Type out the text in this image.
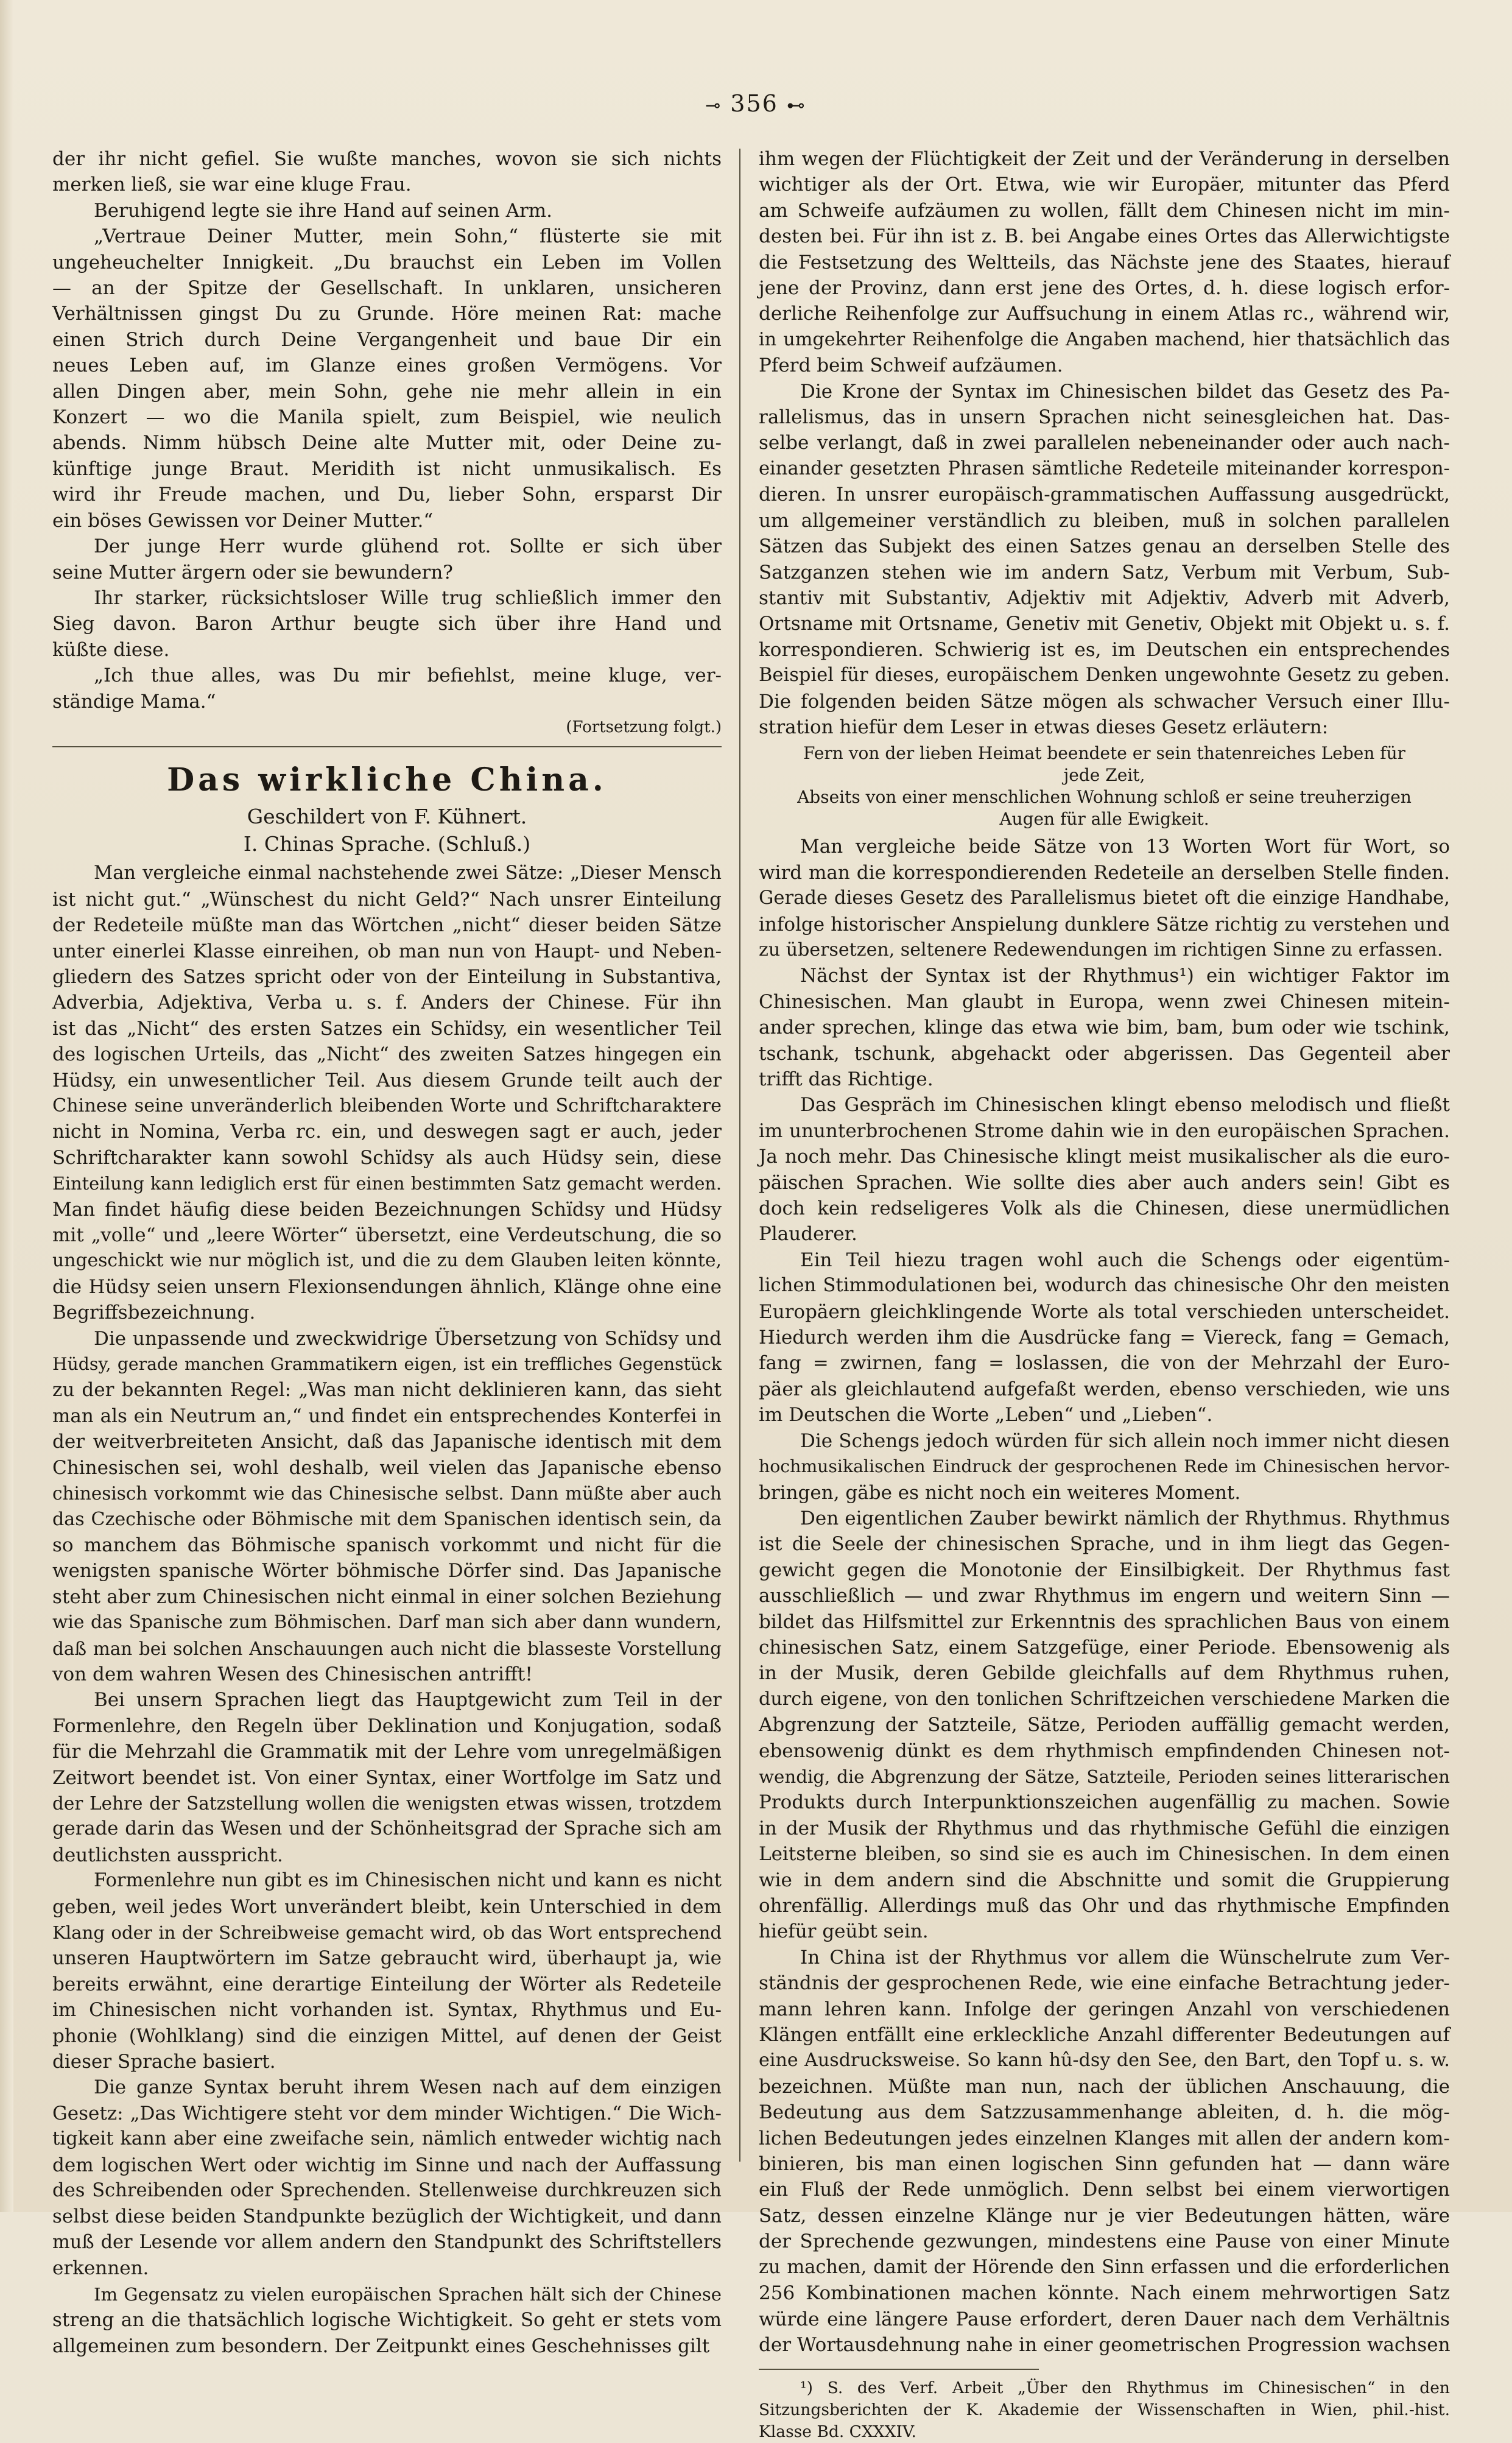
⊸ 356 ⊷
der ihr nicht gefiel. Sie wußte manches, wovon sie sich nichts
merken ließ, sie war eine kluge Frau.
Beruhigend legte sie ihre Hand auf seinen Arm.
„Vertraue Deiner Mutter, mein Sohn,“ flüsterte sie mit
ungeheuchelter Innigkeit. „Du brauchst ein Leben im Vollen
— an der Spitze der Gesellschaft. In unklaren, unsicheren
Verhältnissen gingst Du zu Grunde. Höre meinen Rat: mache
einen Strich durch Deine Vergangenheit und baue Dir ein
neues Leben auf, im Glanze eines großen Vermögens. Vor
allen Dingen aber, mein Sohn, gehe nie mehr allein in ein
Konzert — wo die Manila spielt, zum Beispiel, wie neulich
abends. Nimm hübsch Deine alte Mutter mit, oder Deine zu-
künftige junge Braut. Meridith ist nicht unmusikalisch. Es
wird ihr Freude machen, und Du, lieber Sohn, ersparst Dir
ein böses Gewissen vor Deiner Mutter.“
Der junge Herr wurde glühend rot. Sollte er sich über
seine Mutter ärgern oder sie bewundern?
Ihr starker, rücksichtsloser Wille trug schließlich immer den
Sieg davon. Baron Arthur beugte sich über ihre Hand und
küßte diese.
„Ich thue alles, was Du mir befiehlst, meine kluge, ver-
ständige Mama.“
(Fortsetzung folgt.)
Das wirkliche China.
Geschildert von F. Kühnert.
I. Chinas Sprache. (Schluß.)
Man vergleiche einmal nachstehende zwei Sätze: „Dieser Mensch
ist nicht gut.“ „Wünschest du nicht Geld?“ Nach unsrer Einteilung
der Redeteile müßte man das Wörtchen „nicht“ dieser beiden Sätze
unter einerlei Klasse einreihen, ob man nun von Haupt- und Neben-
gliedern des Satzes spricht oder von der Einteilung in Substantiva,
Adverbia, Adjektiva, Verba u. s. f. Anders der Chinese. Für ihn
ist das „Nicht“ des ersten Satzes ein Schïdsy, ein wesentlicher Teil
des logischen Urteils, das „Nicht“ des zweiten Satzes hingegen ein
Hüdsy, ein unwesentlicher Teil. Aus diesem Grunde teilt auch der
Chinese seine unveränderlich bleibenden Worte und Schriftcharaktere
nicht in Nomina, Verba rc. ein, und deswegen sagt er auch, jeder
Schriftcharakter kann sowohl Schïdsy als auch Hüdsy sein, diese
Einteilung kann lediglich erst für einen bestimmten Satz gemacht werden.
Man findet häufig diese beiden Bezeichnungen Schïdsy und Hüdsy
mit „volle“ und „leere Wörter“ übersetzt, eine Verdeutschung, die so
ungeschickt wie nur möglich ist, und die zu dem Glauben leiten könnte,
die Hüdsy seien unsern Flexionsendungen ähnlich, Klänge ohne eine
Begriffsbezeichnung.
Die unpassende und zweckwidrige Übersetzung von Schïdsy und
Hüdsy, gerade manchen Grammatikern eigen, ist ein treffliches Gegenstück
zu der bekannten Regel: „Was man nicht deklinieren kann, das sieht
man als ein Neutrum an,“ und findet ein entsprechendes Konterfei in
der weitverbreiteten Ansicht, daß das Japanische identisch mit dem
Chinesischen sei, wohl deshalb, weil vielen das Japanische ebenso
chinesisch vorkommt wie das Chinesische selbst. Dann müßte aber auch
das Czechische oder Böhmische mit dem Spanischen identisch sein, da
so manchem das Böhmische spanisch vorkommt und nicht für die
wenigsten spanische Wörter böhmische Dörfer sind. Das Japanische
steht aber zum Chinesischen nicht einmal in einer solchen Beziehung
wie das Spanische zum Böhmischen. Darf man sich aber dann wundern,
daß man bei solchen Anschauungen auch nicht die blasseste Vorstellung
von dem wahren Wesen des Chinesischen antrifft!
Bei unsern Sprachen liegt das Hauptgewicht zum Teil in der
Formenlehre, den Regeln über Deklination und Konjugation, sodaß
für die Mehrzahl die Grammatik mit der Lehre vom unregelmäßigen
Zeitwort beendet ist. Von einer Syntax, einer Wortfolge im Satz und
der Lehre der Satzstellung wollen die wenigsten etwas wissen, trotzdem
gerade darin das Wesen und der Schönheitsgrad der Sprache sich am
deutlichsten ausspricht.
Formenlehre nun gibt es im Chinesischen nicht und kann es nicht
geben, weil jedes Wort unverändert bleibt, kein Unterschied in dem
Klang oder in der Schreibweise gemacht wird, ob das Wort entsprechend
unseren Hauptwörtern im Satze gebraucht wird, überhaupt ja, wie
bereits erwähnt, eine derartige Einteilung der Wörter als Redeteile
im Chinesischen nicht vorhanden ist. Syntax, Rhythmus und Eu-
phonie (Wohlklang) sind die einzigen Mittel, auf denen der Geist
dieser Sprache basiert.
Die ganze Syntax beruht ihrem Wesen nach auf dem einzigen
Gesetz: „Das Wichtigere steht vor dem minder Wichtigen.“ Die Wich-
tigkeit kann aber eine zweifache sein, nämlich entweder wichtig nach
dem logischen Wert oder wichtig im Sinne und nach der Auffassung
des Schreibenden oder Sprechenden. Stellenweise durchkreuzen sich
selbst diese beiden Standpunkte bezüglich der Wichtigkeit, und dann
muß der Lesende vor allem andern den Standpunkt des Schriftstellers
erkennen.
Im Gegensatz zu vielen europäischen Sprachen hält sich der Chinese
streng an die thatsächlich logische Wichtigkeit. So geht er stets vom
allgemeinen zum besondern. Der Zeitpunkt eines Geschehnisses gilt
ihm wegen der Flüchtigkeit der Zeit und der Veränderung in derselben
wichtiger als der Ort. Etwa, wie wir Europäer, mitunter das Pferd
am Schweife aufzäumen zu wollen, fällt dem Chinesen nicht im min-
desten bei. Für ihn ist z. B. bei Angabe eines Ortes das Allerwichtigste
die Festsetzung des Weltteils, das Nächste jene des Staates, hierauf
jene der Provinz, dann erst jene des Ortes, d. h. diese logisch erfor-
derliche Reihenfolge zur Auffsuchung in einem Atlas rc., während wir,
in umgekehrter Reihenfolge die Angaben machend, hier thatsächlich das
Pferd beim Schweif aufzäumen.
Die Krone der Syntax im Chinesischen bildet das Gesetz des Pa-
rallelismus, das in unsern Sprachen nicht seinesgleichen hat. Das-
selbe verlangt, daß in zwei parallelen nebeneinander oder auch nach-
einander gesetzten Phrasen sämtliche Redeteile miteinander korrespon-
dieren. In unsrer europäisch-grammatischen Auffassung ausgedrückt,
um allgemeiner verständlich zu bleiben, muß in solchen parallelen
Sätzen das Subjekt des einen Satzes genau an derselben Stelle des
Satzganzen stehen wie im andern Satz, Verbum mit Verbum, Sub-
stantiv mit Substantiv, Adjektiv mit Adjektiv, Adverb mit Adverb,
Ortsname mit Ortsname, Genetiv mit Genetiv, Objekt mit Objekt u. s. f.
korrespondieren. Schwierig ist es, im Deutschen ein entsprechendes
Beispiel für dieses, europäischem Denken ungewohnte Gesetz zu geben.
Die folgenden beiden Sätze mögen als schwacher Versuch einer Illu-
stration hiefür dem Leser in etwas dieses Gesetz erläutern:
Fern von der lieben Heimat beendete er sein thatenreiches Leben für
jede Zeit,
Abseits von einer menschlichen Wohnung schloß er seine treuherzigen
Augen für alle Ewigkeit.
Man vergleiche beide Sätze von 13 Worten Wort für Wort, so
wird man die korrespondierenden Redeteile an derselben Stelle finden.
Gerade dieses Gesetz des Parallelismus bietet oft die einzige Handhabe,
infolge historischer Anspielung dunklere Sätze richtig zu verstehen und
zu übersetzen, seltenere Redewendungen im richtigen Sinne zu erfassen.
Nächst der Syntax ist der Rhythmus¹) ein wichtiger Faktor im
Chinesischen. Man glaubt in Europa, wenn zwei Chinesen mitein-
ander sprechen, klinge das etwa wie bim, bam, bum oder wie tschink,
tschank, tschunk, abgehackt oder abgerissen. Das Gegenteil aber
trifft das Richtige.
Das Gespräch im Chinesischen klingt ebenso melodisch und fließt
im ununterbrochenen Strome dahin wie in den europäischen Sprachen.
Ja noch mehr. Das Chinesische klingt meist musikalischer als die euro-
päischen Sprachen. Wie sollte dies aber auch anders sein! Gibt es
doch kein redseligeres Volk als die Chinesen, diese unermüdlichen
Plauderer.
Ein Teil hiezu tragen wohl auch die Schengs oder eigentüm-
lichen Stimmodulationen bei, wodurch das chinesische Ohr den meisten
Europäern gleichklingende Worte als total verschieden unterscheidet.
Hiedurch werden ihm die Ausdrücke fang = Viereck, fang = Gemach,
fang = zwirnen, fang = loslassen, die von der Mehrzahl der Euro-
päer als gleichlautend aufgefaßt werden, ebenso verschieden, wie uns
im Deutschen die Worte „Leben“ und „Lieben“.
Die Schengs jedoch würden für sich allein noch immer nicht diesen
hochmusikalischen Eindruck der gesprochenen Rede im Chinesischen hervor-
bringen, gäbe es nicht noch ein weiteres Moment.
Den eigentlichen Zauber bewirkt nämlich der Rhythmus. Rhythmus
ist die Seele der chinesischen Sprache, und in ihm liegt das Gegen-
gewicht gegen die Monotonie der Einsilbigkeit. Der Rhythmus fast
ausschließlich — und zwar Rhythmus im engern und weitern Sinn —
bildet das Hilfsmittel zur Erkenntnis des sprachlichen Baus von einem
chinesischen Satz, einem Satzgefüge, einer Periode. Ebensowenig als
in der Musik, deren Gebilde gleichfalls auf dem Rhythmus ruhen,
durch eigene, von den tonlichen Schriftzeichen verschiedene Marken die
Abgrenzung der Satzteile, Sätze, Perioden auffällig gemacht werden,
ebensowenig dünkt es dem rhythmisch empfindenden Chinesen not-
wendig, die Abgrenzung der Sätze, Satzteile, Perioden seines litterarischen
Produkts durch Interpunktionszeichen augenfällig zu machen. Sowie
in der Musik der Rhythmus und das rhythmische Gefühl die einzigen
Leitsterne bleiben, so sind sie es auch im Chinesischen. In dem einen
wie in dem andern sind die Abschnitte und somit die Gruppierung
ohrenfällig. Allerdings muß das Ohr und das rhythmische Empfinden
hiefür geübt sein.
In China ist der Rhythmus vor allem die Wünschelrute zum Ver-
ständnis der gesprochenen Rede, wie eine einfache Betrachtung jeder-
mann lehren kann. Infolge der geringen Anzahl von verschiedenen
Klängen entfällt eine erkleckliche Anzahl differenter Bedeutungen auf
eine Ausdrucksweise. So kann hû-dsy den See, den Bart, den Topf u. s. w.
bezeichnen. Müßte man nun, nach der üblichen Anschauung, die
Bedeutung aus dem Satzzusammenhange ableiten, d. h. die mög-
lichen Bedeutungen jedes einzelnen Klanges mit allen der andern kom-
binieren, bis man einen logischen Sinn gefunden hat — dann wäre
ein Fluß der Rede unmöglich. Denn selbst bei einem vierwortigen
Satz, dessen einzelne Klänge nur je vier Bedeutungen hätten, wäre
der Sprechende gezwungen, mindestens eine Pause von einer Minute
zu machen, damit der Hörende den Sinn erfassen und die erforderlichen
256 Kombinationen machen könnte. Nach einem mehrwortigen Satz
würde eine längere Pause erfordert, deren Dauer nach dem Verhältnis
der Wortausdehnung nahe in einer geometrischen Progression wachsen
¹) S. des Verf. Arbeit „Über den Rhythmus im Chinesischen“ in den
Sitzungsberichten der K. Akademie der Wissenschaften in Wien, phil.-hist.
Klasse Bd. CXXXIV.
